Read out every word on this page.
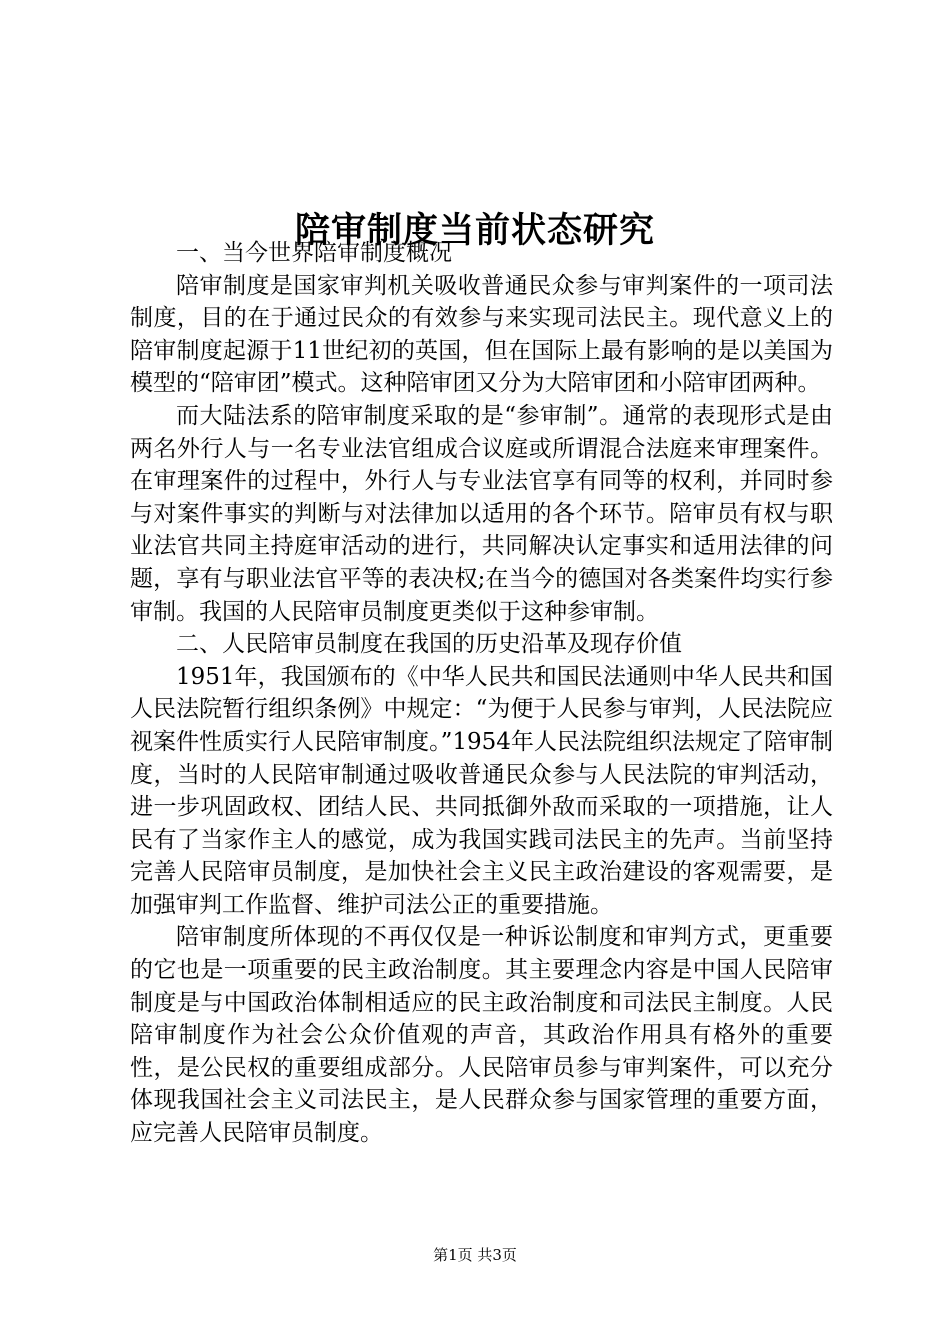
陪审制度当前状态研究

一、当今世界陪审制度概况

陪审制度是国家审判机关吸收普通民众参与审判案件的一项司法制度，目的在于通过民众的有效参与来实现司法民主。现代意义上的陪审制度起源于11世纪初的英国，但在国际上最有影响的是以美国为模型的“陪审团”模式。这种陪审团又分为大陪审团和小陪审团两种。

而大陆法系的陪审制度采取的是“参审制”。通常的表现形式是由两名外行人与一名专业法官组成合议庭或所谓混合法庭来审理案件。在审理案件的过程中，外行人与专业法官享有同等的权利，并同时参与对案件事实的判断与对法律加以适用的各个环节。陪审员有权与职业法官共同主持庭审活动的进行，共同解决认定事实和适用法律的问题，享有与职业法官平等的表决权;在当今的德国对各类案件均实行参审制。我国的人民陪审员制度更类似于这种参审制。

二、人民陪审员制度在我国的历史沿革及现存价值

1951年，我国颁布的《中华人民共和国民法通则中华人民共和国人民法院暂行组织条例》中规定：“为便于人民参与审判，人民法院应视案件性质实行人民陪审制度。”1954年人民法院组织法规定了陪审制度，当时的人民陪审制通过吸收普通民众参与人民法院的审判活动，进一步巩固政权、团结人民、共同抵御外敌而采取的一项措施，让人民有了当家作主人的感觉，成为我国实践司法民主的先声。当前坚持完善人民陪审员制度，是加快社会主义民主政治建设的客观需要，是加强审判工作监督、维护司法公正的重要措施。

陪审制度所体现的不再仅仅是一种诉讼制度和审判方式，更重要的它也是一项重要的民主政治制度。其主要理念内容是中国人民陪审制度是与中国政治体制相适应的民主政治制度和司法民主制度。人民陪审制度作为社会公众价值观的声音，其政治作用具有格外的重要性，是公民权的重要组成部分。人民陪审员参与审判案件，可以充分体现我国社会主义司法民主，是人民群众参与国家管理的重要方面，应完善人民陪审员制度。

第1页 共3页
